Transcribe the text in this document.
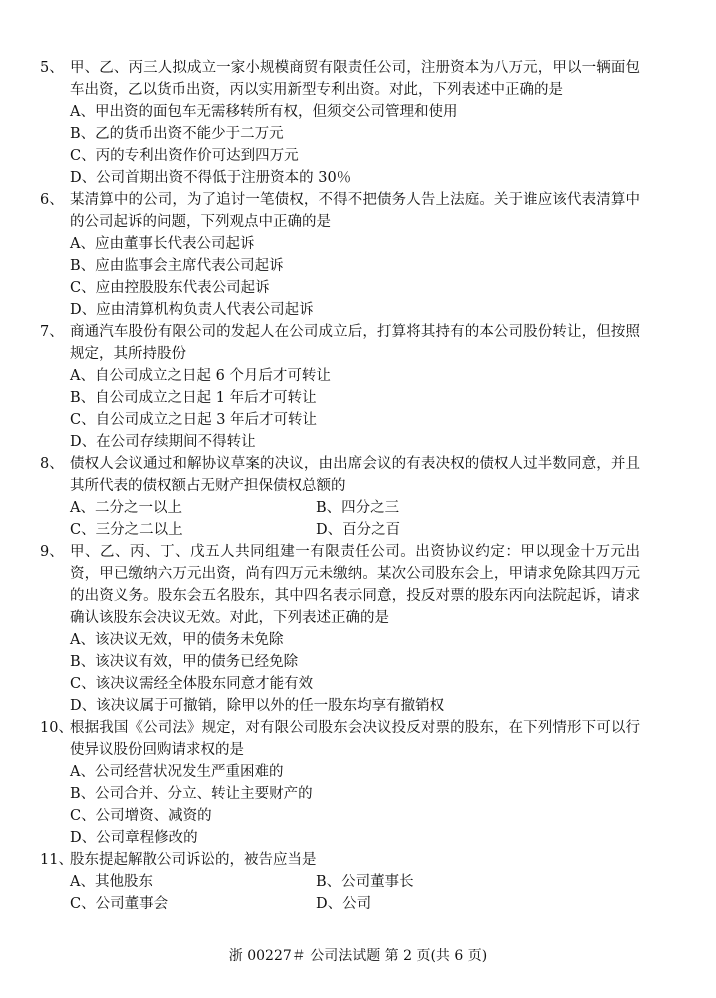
5、 甲、乙、丙三人拟成立一家小规模商贸有限责任公司，注册资本为八万元，甲以一辆面包车出资，乙以货币出资，丙以实用新型专利出资。对此，下列表述中正确的是
A、甲出资的面包车无需移转所有权，但须交公司管理和使用
B、乙的货币出资不能少于二万元
C、丙的专利出资作价可达到四万元
D、公司首期出资不得低于注册资本的 30％
6、 某清算中的公司，为了追讨一笔债权，不得不把债务人告上法庭。关于谁应该代表清算中的公司起诉的问题，下列观点中正确的是
A、应由董事长代表公司起诉
B、应由监事会主席代表公司起诉
C、应由控股股东代表公司起诉
D、应由清算机构负责人代表公司起诉
7、 商通汽车股份有限公司的发起人在公司成立后，打算将其持有的本公司股份转让，但按照规定，其所持股份
A、自公司成立之日起 6 个月后才可转让
B、自公司成立之日起 1 年后才可转让
C、自公司成立之日起 3 年后才可转让
D、在公司存续期间不得转让
8、 债权人会议通过和解协议草案的决议，由出席会议的有表决权的债权人过半数同意，并且其所代表的债权额占无财产担保债权总额的
A、二分之一以上	B、四分之三
C、三分之二以上	D、百分之百
9、 甲、乙、丙、丁、戊五人共同组建一有限责任公司。出资协议约定：甲以现金十万元出资，甲已缴纳六万元出资，尚有四万元未缴纳。某次公司股东会上，甲请求免除其四万元的出资义务。股东会五名股东，其中四名表示同意，投反对票的股东丙向法院起诉，请求确认该股东会决议无效。对此，下列表述正确的是
A、该决议无效，甲的债务未免除
B、该决议有效，甲的债务已经免除
C、该决议需经全体股东同意才能有效
D、该决议属于可撤销，除甲以外的任一股东均享有撤销权
10、
根据我国《公司法》规定，对有限公司股东会决议投反对票的股东，在下列情形下可以行使异议股份回购请求权的是
A、公司经营状况发生严重困难的
B、公司合并、分立、转让主要财产的
C、公司增资、减资的
D、公司章程修改的
11、
股东提起解散公司诉讼的，被告应当是
A、其他股东	B、公司董事长
C、公司董事会	D、公司
浙 00227＃ 公司法试题 第 2 页(共 6 页)
